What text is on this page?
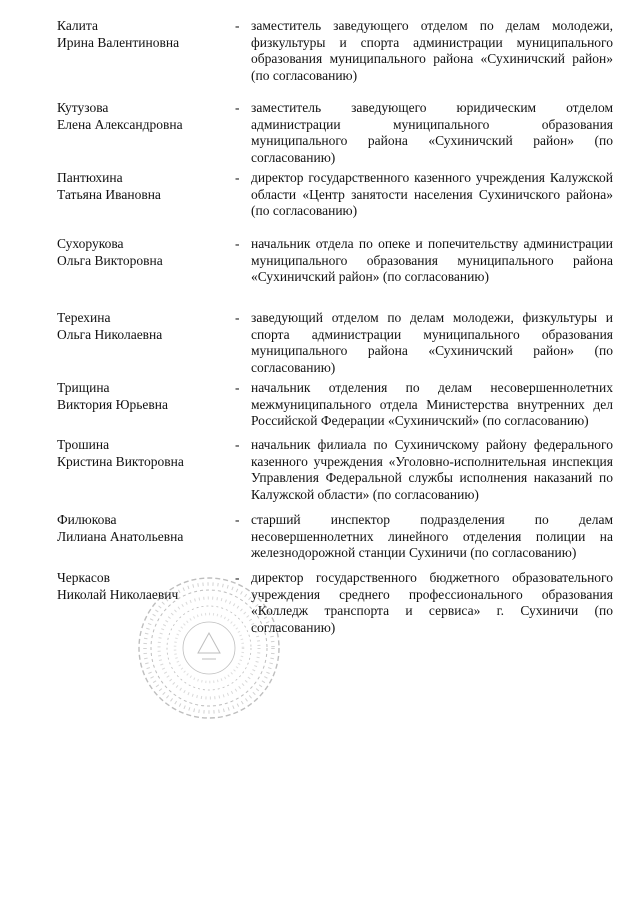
Калита
Ирина Валентиновна
- заместитель заведующего отделом по делам молодежи, физкультуры и спорта администрации муниципального образования муниципального района «Сухиничский район» (по согласованию)
Кутузова
Елена Александровна
- заместитель заведующего юридическим отделом администрации муниципального образования муниципального района «Сухиничский район» (по согласованию)
Пантюхина
Татьяна Ивановна
- директор государственного казенного учреждения Калужской области «Центр занятости населения Сухиничского района» (по согласованию)
Сухорукова
Ольга Викторовна
- начальник отдела по опеке и попечительству администрации муниципального образования муниципального района «Сухиничский район» (по согласованию)
Терехина
Ольга Николаевна
- заведующий отделом по делам молодежи, физкультуры и спорта администрации муниципального образования муниципального района «Сухиничский район» (по согласованию)
Трищина
Виктория Юрьевна
- начальник отделения по делам несовершеннолетних межмуниципального отдела Министерства внутренних дел Российской Федерации «Сухиничский» (по согласованию)
Трошина
Кристина Викторовна
- начальник филиала по Сухиничскому району федерального казенного учреждения «Уголовно-исполнительная инспекция Управления Федеральной службы исполнения наказаний по Калужской области» (по согласованию)
Филюкова
Лилиана Анатольевна
- старший инспектор подразделения по делам несовершеннолетних линейного отделения полиции на железнодорожной станции Сухиничи (по согласованию)
Черкасов
Николай Николаевич
- директор государственного бюджетного образовательного учреждения среднего профессионального образования «Колледж транспорта и сервиса» г. Сухиничи (по согласованию)
